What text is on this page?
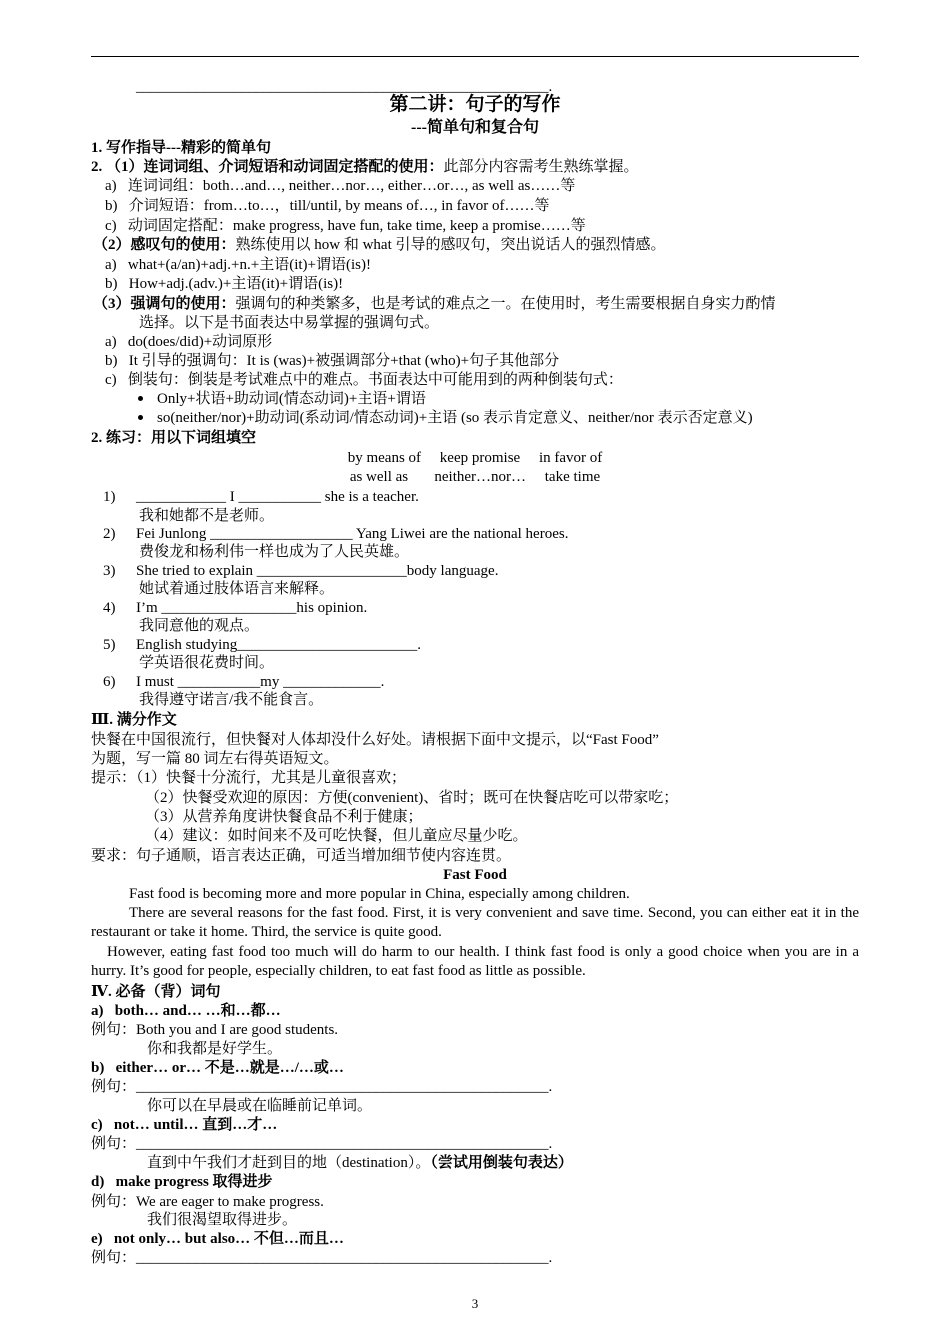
_______________________________________________________.
第二讲：句子的写作
---简单句和复合句
1. 写作指导---精彩的简单句
2. （1）连词词组、介词短语和动词固定搭配的使用：此部分内容需考生熟练掌握。
a)   连词词组：both…and…, neither…nor…, either…or…, as well as……等
b)   介词短语：from…to…，till/until, by means of…, in favor of……等
c)   动词固定搭配：make progress, have fun, take time, keep a promise……等
（2）感叹句的使用：熟练使用以 how 和 what 引导的感叹句，突出说话人的强烈情感。
a)   what+(a/an)+adj.+n.+主语(it)+谓语(is)!
b)   How+adj.(adv.)+主语(it)+谓语(is)!
（3）强调句的使用：强调句的种类繁多，也是考试的难点之一。在使用时，考生需要根据自身实力酌情
选择。以下是书面表达中易掌握的强调句式。
a)   do(does/did)+动词原形
b)   It 引导的强调句：It is (was)+被强调部分+that (who)+句子其他部分
c)   倒装句：倒装是考试难点中的难点。书面表达中可能用到的两种倒装句式：
Only+状语+助动词(情态动词)+主语+谓语
so(neither/nor)+助动词(系动词/情态动词)+主语 (so 表示肯定意义、neither/nor 表示否定意义)
2. 练习：用以下词组填空
by means of     keep promise     in favor of
as well as       neither…nor…     take time
1) ____________ I ___________ she is a teacher.
我和她都不是老师。
2) Fei Junlong ___________________ Yang Liwei are the national heroes.
费俊龙和杨利伟一样也成为了人民英雄。
3) She tried to explain ____________________body language.
她试着通过肢体语言来解释。
4) I’m __________________his opinion.
我同意他的观点。
5) English studying________________________.
学英语很花费时间。
6) I must ___________my _____________.
我得遵守诺言/我不能食言。
Ⅲ. 满分作文
快餐在中国很流行，但快餐对人体却没什么好处。请根据下面中文提示，以“Fast Food”
为题，写一篇 80 词左右得英语短文。
提示：（1）快餐十分流行，尤其是儿童很喜欢；
（2）快餐受欢迎的原因：方便(convenient)、省时；既可在快餐店吃可以带家吃；
（3）从营养角度讲快餐食品不利于健康；
（4）建议：如时间来不及可吃快餐，但儿童应尽量少吃。
要求：句子通顺，语言表达正确，可适当增加细节使内容连贯。
Fast Food
Fast food is becoming more and more popular in China, especially among children.
There are several reasons for the fast food. First, it is very convenient and save time. Second, you can either eat it in the restaurant or take it home. Third, the service is quite good.
However, eating fast food too much will do harm to our health. I think fast food is only a good choice when you are in a hurry. It’s good for people, especially children, to eat fast food as little as possible.
Ⅳ. 必备（背）词句
a)   both… and… …和…都…
例句：Both you and I are good students.
你和我都是好学生。
b)   either… or… 不是…就是…/…或…
例句：_______________________________________________________.
你可以在早晨或在临睡前记单词。
c)   not… until… 直到…才…
例句：_______________________________________________________.
直到中午我们才赶到目的地（destination）。（尝试用倒装句表达）
d)   make progress 取得进步
例句：We are eager to make progress.
我们很渴望取得进步。
e)   not only… but also… 不但…而且…
例句：_______________________________________________________.
3
